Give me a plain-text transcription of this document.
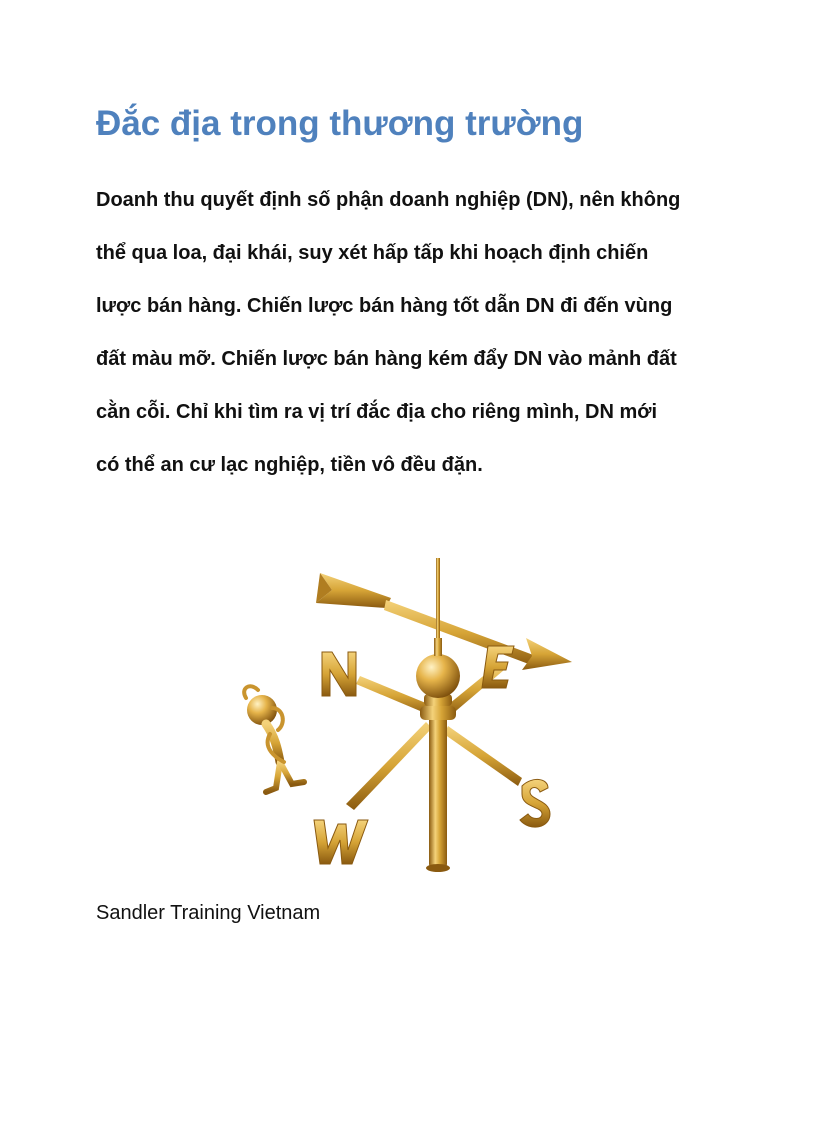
Đắc địa trong thương trường
Doanh thu quyết định số phận doanh nghiệp (DN), nên không
thể qua loa, đại khái, suy xét hấp tấp khi hoạch định chiến
lược bán hàng. Chiến lược bán hàng tốt dẫn DN đi đến vùng
đất màu mỡ. Chiến lược bán hàng kém đẩy DN vào mảnh đất
cằn cỗi. Chỉ khi tìm ra vị trí đắc địa cho riêng mình, DN mới
có thể an cư lạc nghiệp, tiền vô đều đặn.
Sandler Training Vietnam
